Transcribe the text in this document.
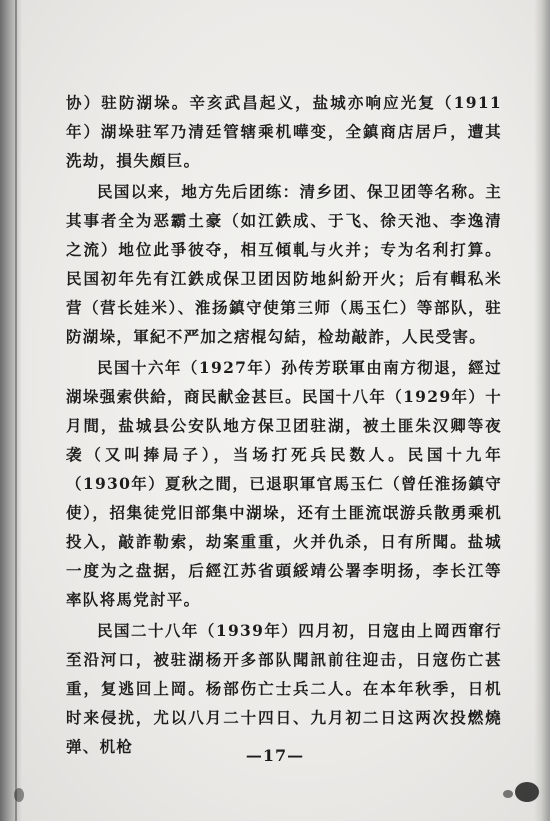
协）驻防湖垛。辛亥武昌起义，盐城亦响应光复（1911年）湖垛驻军乃清廷管辖乘机嘩变，全鎮商店居戶，遭其洗劫，損失頗巨。

民国以来，地方先后团练：清乡团、保卫团等名称。主其事者全为恶霸土豪（如江鉄成、于飞、徐天池、李逸清之流）地位此爭彼夺，相互傾軋与火并；专为名利打算。民国初年先有江鉄成保卫团因防地糾紛开火；后有輯私米营（营长娃米）、淮扬鎮守使第三师（馬玉仁）等部队，驻防湖垛，軍紀不严加之痞棍勾結，检劫敲詐，人民受害。

民国十六年（1927年）孙传芳联軍由南方彻退，經过湖垛强索供給，商民献金甚巨。民国十八年（1929年）十月間，盐城县公安队地方保卫团驻湖，被土匪朱汉卿等夜袭（又叫捧局子），当场打死兵民数人。民国十九年（1930年）夏秋之間，已退职軍官馬玉仁（曾任淮扬鎮守使），招集徒党旧部集中湖垛，还有土匪流氓游兵散勇乘机投入，敲詐勒索，劫案重重，火并仇杀，日有所聞。盐城一度为之盘据，后經江苏省頭綏靖公署李明扬，李长江等率队将馬党討平。

民国二十八年（1939年）四月初，日寇由上岡西窜行至沿河口，被驻湖杨开多部队聞訊前往迎击，日寇伤亡甚重，复逃回上岡。杨部伤亡士兵二人。在本年秋季，日机时来侵扰，尤以八月二十四日、九月初二日这两次投燃燒弹、机枪	—17—
